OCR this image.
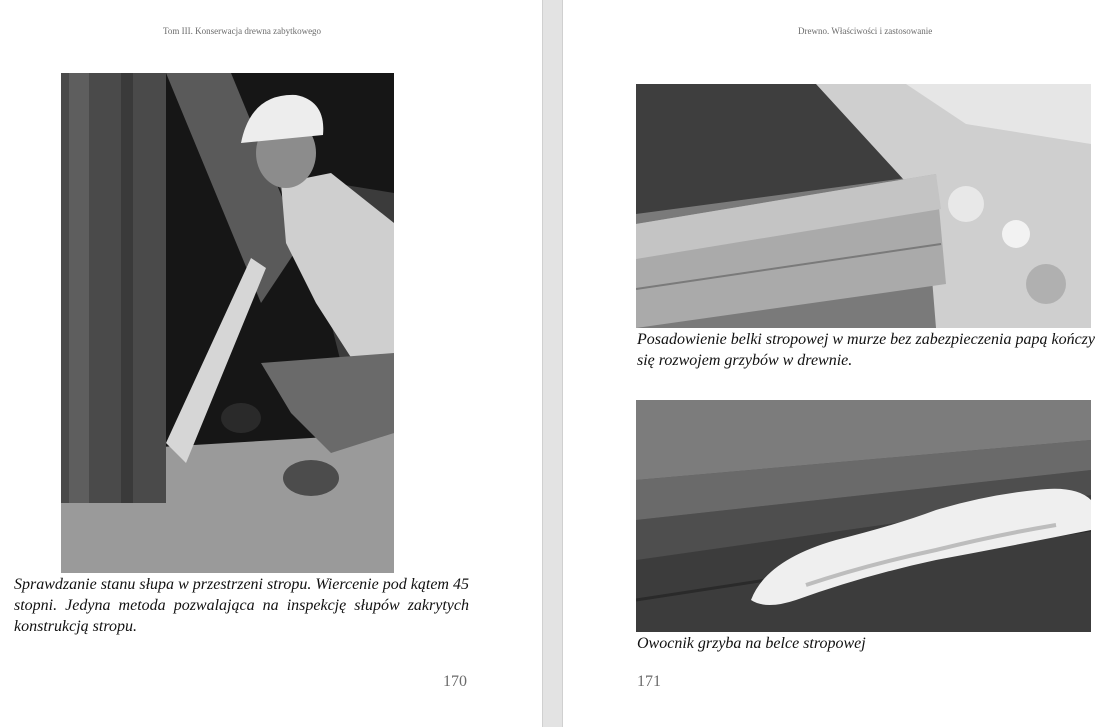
Tom III. Konserwacja drewna zabytkowego
Sprawdzanie stanu słupa w przestrzeni stropu. Wiercenie pod kątem 45 stopni. Jedyna metoda pozwalająca na inspekcję słupów zakrytych konstrukcją stropu.
170
Drewno. Właściwości i zastosowanie
Posadowienie belki stropowej w murze bez zabezpieczenia papą kończy się rozwojem grzybów w drewnie.
Owocnik grzyba na belce stropowej
171
